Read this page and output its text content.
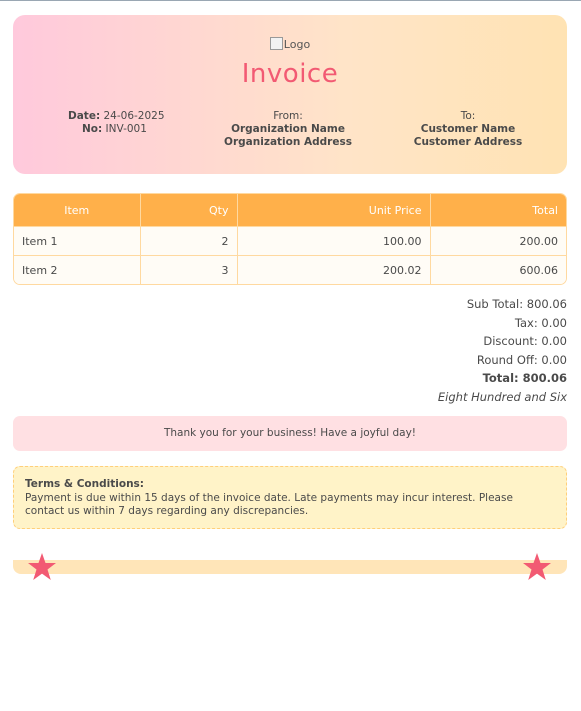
Logo
Invoice
Date: 24-06-2025
No: INV-001
From:
Organization Name
Organization Address
To:
Customer Name
Customer Address
Item	Qty	Unit Price	Total
Item 1	2	100.00	200.00
Item 2	3	200.02	600.06
Sub Total: 800.06
Tax: 0.00
Discount: 0.00
Round Off: 0.00
Total: 800.06
Eight Hundred and Six
Thank you for your business! Have a joyful day!
Terms & Conditions:
Payment is due within 15 days of the invoice date. Late payments may incur interest. Please contact us within 7 days regarding any discrepancies.
